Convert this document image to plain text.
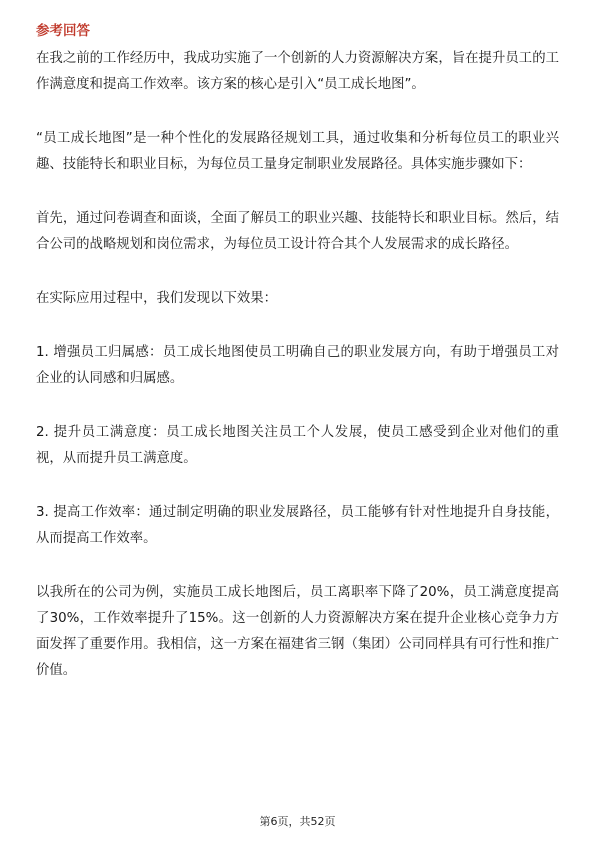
参考回答

在我之前的工作经历中，我成功实施了一个创新的人力资源解决方案，旨在提升员工的工作满意度和提高工作效率。该方案的核心是引入“员工成长地图”。

“员工成长地图”是一种个性化的发展路径规划工具，通过收集和分析每位员工的职业兴趣、技能特长和职业目标，为每位员工量身定制职业发展路径。具体实施步骤如下：

首先，通过问卷调查和面谈，全面了解员工的职业兴趣、技能特长和职业目标。然后，结合公司的战略规划和岗位需求，为每位员工设计符合其个人发展需求的成长路径。

在实际应用过程中，我们发现以下效果：

1. 增强员工归属感：员工成长地图使员工明确自己的职业发展方向，有助于增强员工对企业的认同感和归属感。

2. 提升员工满意度：员工成长地图关注员工个人发展，使员工感受到企业对他们的重视，从而提升员工满意度。

3. 提高工作效率：通过制定明确的职业发展路径，员工能够有针对性地提升自身技能，从而提高工作效率。

以我所在的公司为例，实施员工成长地图后，员工离职率下降了20%，员工满意度提高了30%，工作效率提升了15%。这一创新的人力资源解决方案在提升企业核心竞争力方面发挥了重要作用。我相信，这一方案在福建省三钢（集团）公司同样具有可行性和推广价值。

第6页，共52页
